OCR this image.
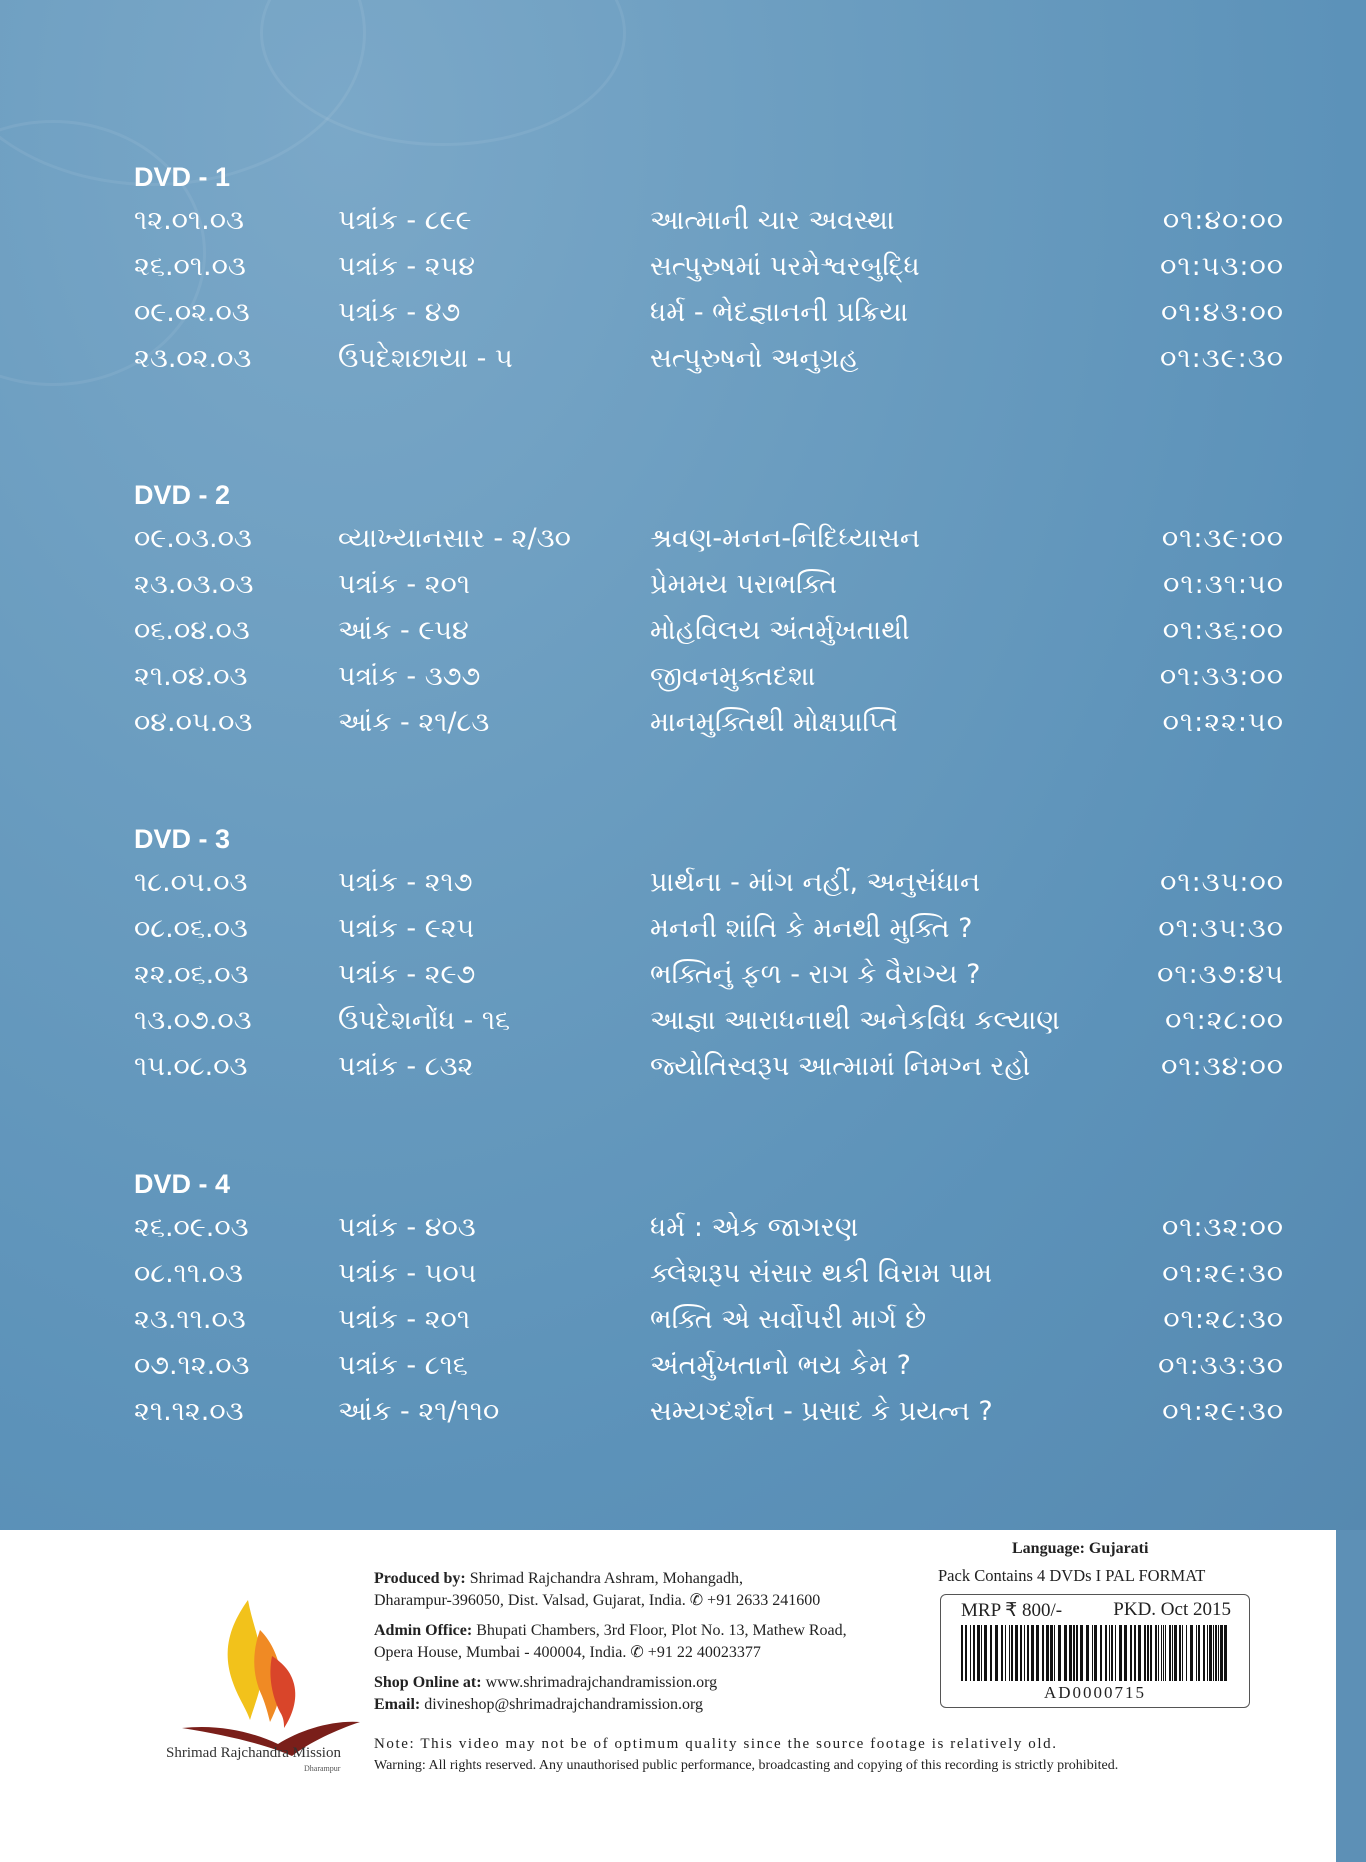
DVD - 1
૧૨.૦૧.૦૩	પત્રાંક - ૮૯૯	આત્માની ચાર અવસ્થા	૦૧:૪૦:૦૦
૨૬.૦૧.૦૩	પત્રાંક - ૨૫૪	સત્પુરુષમાં પરમેશ્વરબુદ્ધિ	૦૧:૫૩:૦૦
૦૯.૦૨.૦૩	પત્રાંક - ૪૭	ધર્મ - ભેદજ્ઞાનની પ્રક્રિયા	૦૧:૪૩:૦૦
૨૩.૦૨.૦૩	ઉપદેશછાયા - ૫	સત્પુરુષનો અનુગ્રહ	૦૧:૩૯:૩૦
DVD - 2
૦૯.૦૩.૦૩	વ્યાખ્યાનસાર - ૨/૩૦	શ્રવણ-મનન-નિદિધ્યાસન	૦૧:૩૯:૦૦
૨૩.૦૩.૦૩	પત્રાંક - ૨૦૧	પ્રેમમય પરાભક્તિ	૦૧:૩૧:૫૦
૦૬.૦૪.૦૩	આંક - ૯૫૪	મોહવિલય અંતર્મુખતાથી	૦૧:૩૬:૦૦
૨૧.૦૪.૦૩	પત્રાંક - ૩૭૭	જીવનમુક્તદશા	૦૧:૩૩:૦૦
૦૪.૦૫.૦૩	આંક - ૨૧/૮૩	માનમુક્તિથી મોક્ષપ્રાપ્તિ	૦૧:૨૨:૫૦
DVD - 3
૧૮.૦૫.૦૩	પત્રાંક - ૨૧૭	પ્રાર્થના - માંગ નહીં, અનુસંધાન	૦૧:૩૫:૦૦
૦૮.૦૬.૦૩	પત્રાંક - ૯૨૫	મનની શાંતિ કે મનથી મુક્તિ ?	૦૧:૩૫:૩૦
૨૨.૦૬.૦૩	પત્રાંક - ૨૯૭	ભક્તિનું ફળ - રાગ કે વૈરાગ્ય ?	૦૧:૩૭:૪૫
૧૩.૦૭.૦૩	ઉપદેશનોંધ - ૧૬	આજ્ઞા આરાધનાથી અનેકવિધ કલ્યાણ	૦૧:૨૮:૦૦
૧૫.૦૮.૦૩	પત્રાંક - ૮૩૨	જ્યોતિસ્વરૂપ આત્મામાં નિમગ્ન રહો	૦૧:૩૪:૦૦
DVD - 4
૨૬.૦૯.૦૩	પત્રાંક - ૪૦૩	ધર્મ : એક જાગરણ	૦૧:૩૨:૦૦
૦૮.૧૧.૦૩	પત્રાંક - ૫૦૫	ક્લેશરૂપ સંસાર થકી વિરામ પામ	૦૧:૨૯:૩૦
૨૩.૧૧.૦૩	પત્રાંક - ૨૦૧	ભક્તિ એ સર્વોપરી માર્ગ છે	૦૧:૨૮:૩૦
૦૭.૧૨.૦૩	પત્રાંક - ૮૧૬	અંતર્મુખતાનો ભય કેમ ?	૦૧:૩૩:૩૦
૨૧.૧૨.૦૩	આંક - ૨૧/૧૧૦	સમ્યગ્દર્શન - પ્રસાદ કે પ્રયત્ન ?	૦૧:૨૯:૩૦
Shrimad Rajchandra Mission
Dharampur
Produced by: Shrimad Rajchandra Ashram, Mohangadh,
Dharampur-396050, Dist. Valsad, Gujarat, India. ✆ +91 2633 241600
Admin Office: Bhupati Chambers, 3rd Floor, Plot No. 13, Mathew Road,
Opera House, Mumbai - 400004, India. ✆ +91 22 40023377
Shop Online at: www.shrimadrajchandramission.org
Email: divineshop@shrimadrajchandramission.org
Language: Gujarati
Pack Contains 4 DVDs I PAL FORMAT
MRP ₹ 800/-	PKD. Oct 2015
AD0000715
Note: This video may not be of optimum quality since the source footage is relatively old.
Warning: All rights reserved. Any unauthorised public performance, broadcasting and copying of this recording is strictly prohibited.
